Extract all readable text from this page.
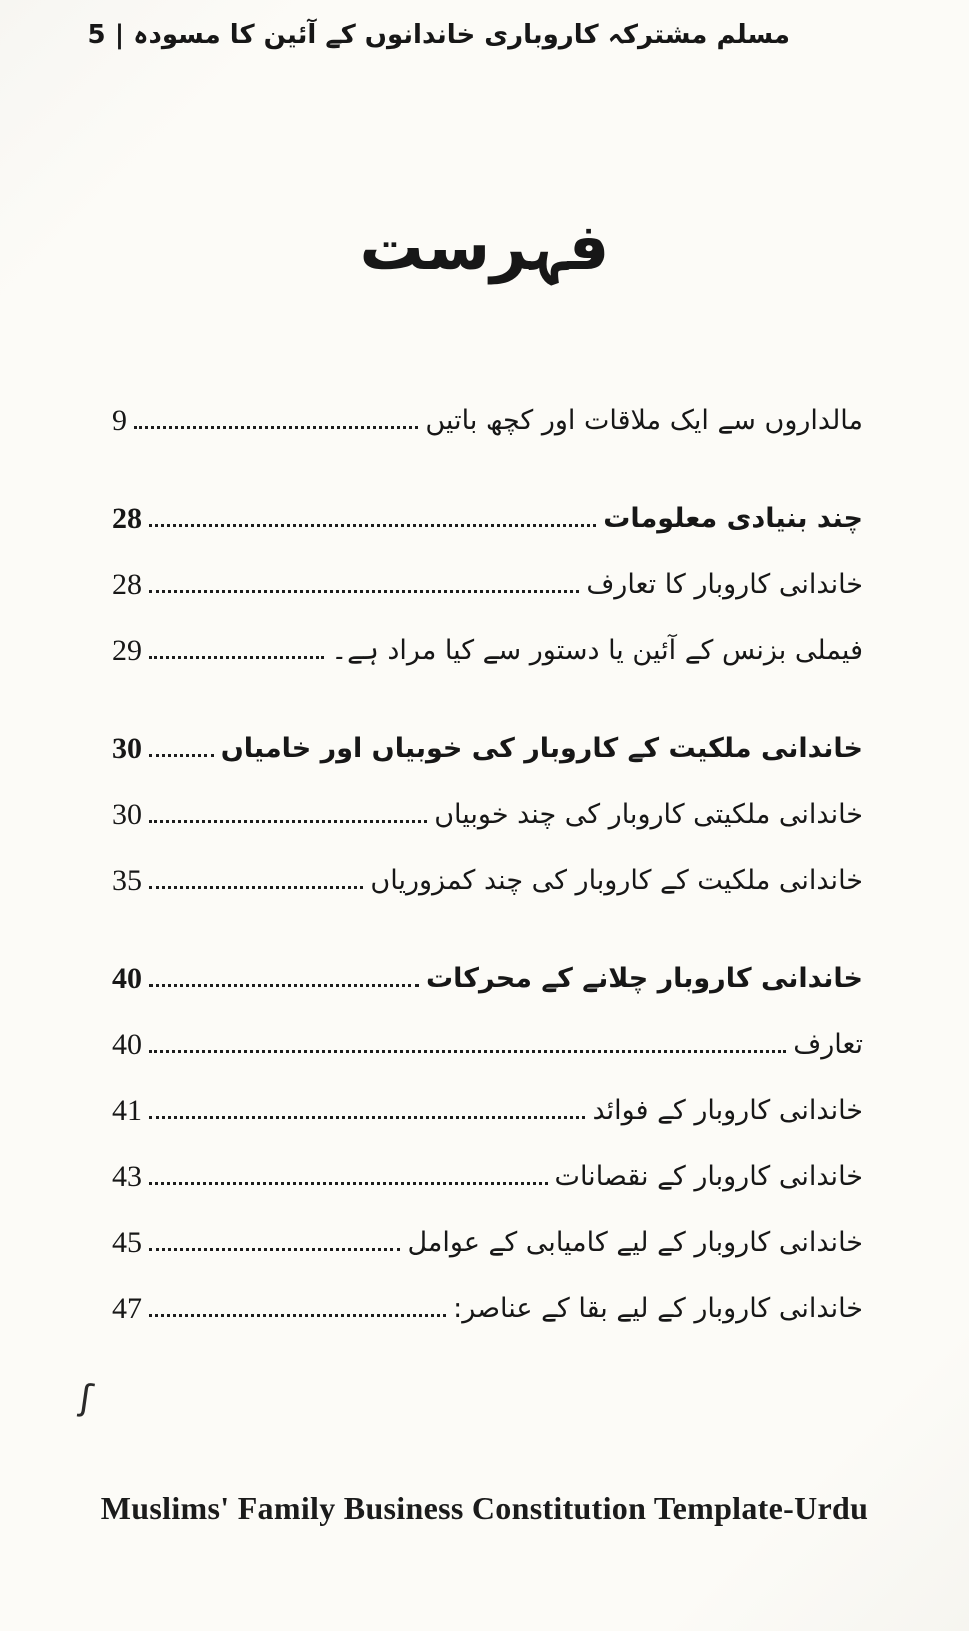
مسلم مشترکہ کاروباری خاندانوں کے آئین کا مسودہ | 5
فہرست
مالداروں سے ایک ملاقات اور کچھ باتیں
9
چند بنیادی معلومات
28
خاندانی کاروبار کا تعارف
28
فیملی بزنس کے آئین یا دستور سے کیا مراد ہے۔
29
خاندانی ملکیت کے کاروبار کی خوبیاں اور خامیاں
30
خاندانی ملکیتی کاروبار کی چند خوبیاں
30
خاندانی ملکیت کے کاروبار کی چند کمزوریاں
35
خاندانی کاروبار چلانے کے محرکات
40
تعارف
40
خاندانی کاروبار کے فوائد
41
خاندانی کاروبار کے نقصانات
43
خاندانی کاروبار کے لیے کامیابی کے عوامل
45
خاندانی کاروبار کے لیے بقا کے عناصر:
47
ʃ
Muslims' Family Business Constitution Template-Urdu
